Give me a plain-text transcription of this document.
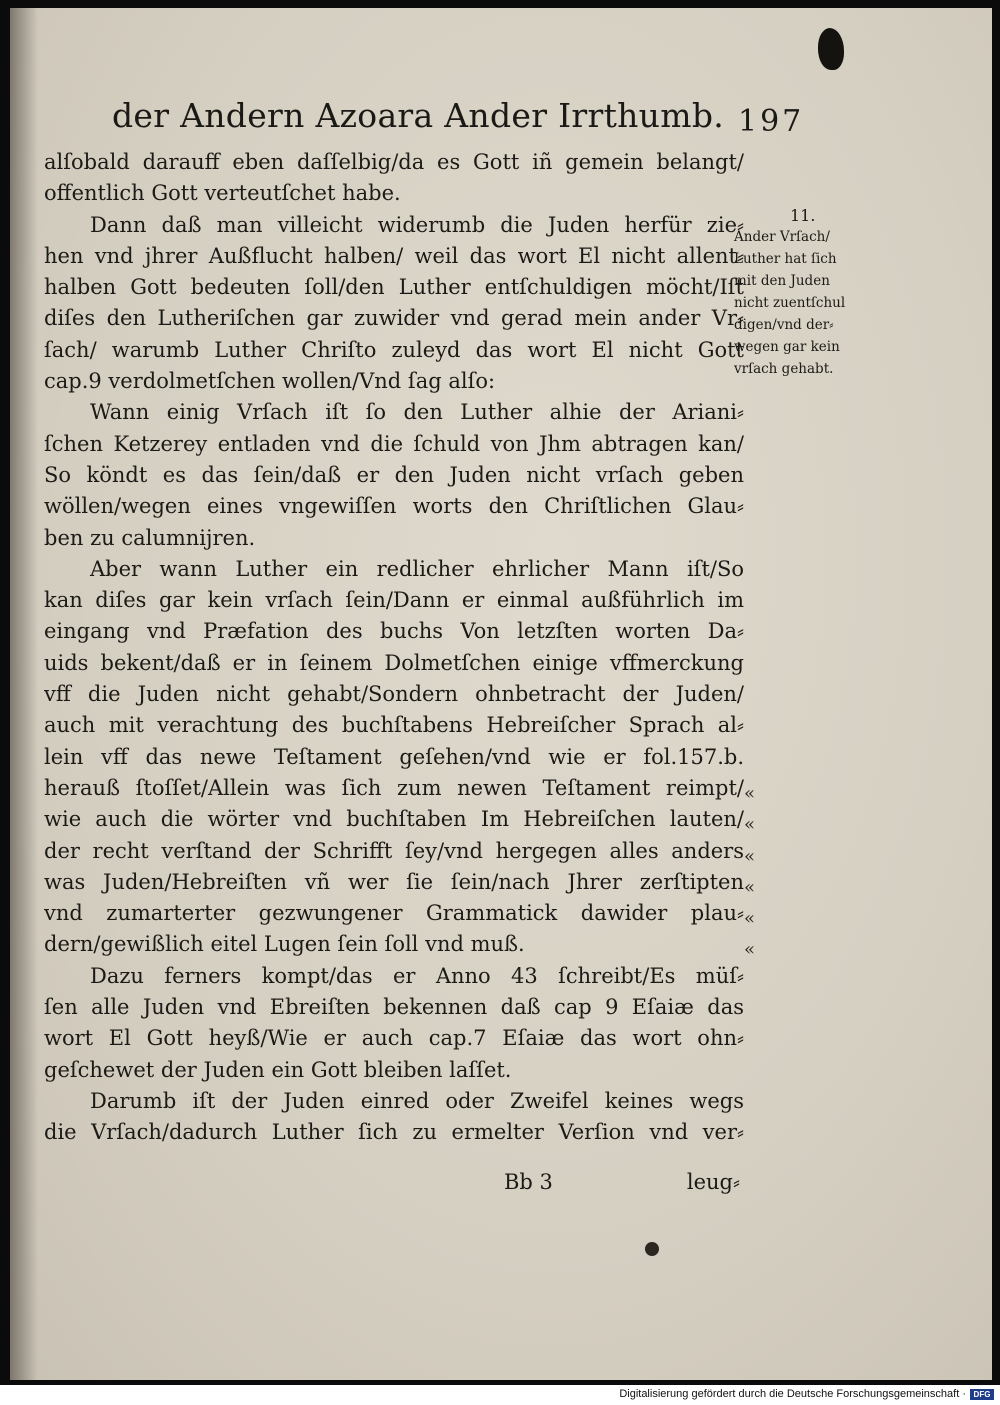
der Andern Azoara Ander Irrthumb. 197
alſobald darauff eben daſſelbig/da es Gott iñ gemein belangt/
offentlich Gott verteutſchet habe.
Dann daß man villeicht widerumb die Juden herfür zie⸗
hen vnd jhrer Außflucht halben/ weil das wort El nicht allent⸗
halben Gott bedeuten ſoll/den Luther entſchuldigen möcht/Iſt
diſes den Lutheriſchen gar zuwider vnd gerad mein ander Vr⸗
ſach/ warumb Luther Chriſto zuleyd das wort El nicht Gott
cap.9 verdolmetſchen wollen/Vnd ſag alſo:
Wann einig Vrſach iſt ſo den Luther alhie der Ariani⸗
ſchen Ketzerey entladen vnd die ſchuld von Jhm abtragen kan/
So köndt es das ſein/daß er den Juden nicht vrſach geben
wöllen/wegen eines vngewiſſen worts den Chriſtlichen Glau⸗
ben zu calumnijren.
Aber wann Luther ein redlicher ehrlicher Mann iſt/So
kan diſes gar kein vrſach ſein/Dann er einmal außführlich im
eingang vnd Præfation des buchs Von letzſten worten Da⸗
uids bekent/daß er in ſeinem Dolmetſchen einige vffmerckung
vff die Juden nicht gehabt/Sondern ohnbetracht der Juden/
auch mit verachtung des buchſtabens Hebreiſcher Sprach al⸗
lein vff das newe Teſtament geſehen/vnd wie er fol.157.b.
herauß ſtoſſet/Allein was ſich zum newen Teſtament reimpt/
wie auch die wörter vnd buchſtaben Im Hebreiſchen lauten/
der recht verſtand der Schrifft ſey/vnd hergegen alles anders
was Juden/Hebreiſten vñ wer ſie ſein/nach Jhrer zerſtipten
vnd zumarterter gezwungener Grammatick dawider plau⸗
dern/gewißlich eitel Lugen ſein ſoll vnd muß.
Dazu ferners kompt/das er Anno 43 ſchreibt/Es müſ⸗
ſen alle Juden vnd Ebreiſten bekennen daß cap 9 Eſaiæ das
wort El Gott heyß/Wie er auch cap.7 Eſaiæ das wort ohn⸗
geſchewet der Juden ein Gott bleiben laſſet.
Darumb iſt der Juden einred oder Zweifel keines wegs
die Vrſach/dadurch Luther ſich zu ermelter Verſion vnd ver⸗
11.
Ander Vrſach/
Luther hat ſich
mit den Juden
nicht zuentſchul
digen/vnd der⸗
wegen gar kein
vrſach gehabt.
«
«
«
«
«
«
Bb 3	leug⸗
Digitalisierung gefördert durch die Deutsche Forschungsgemeinschaft · DFG
